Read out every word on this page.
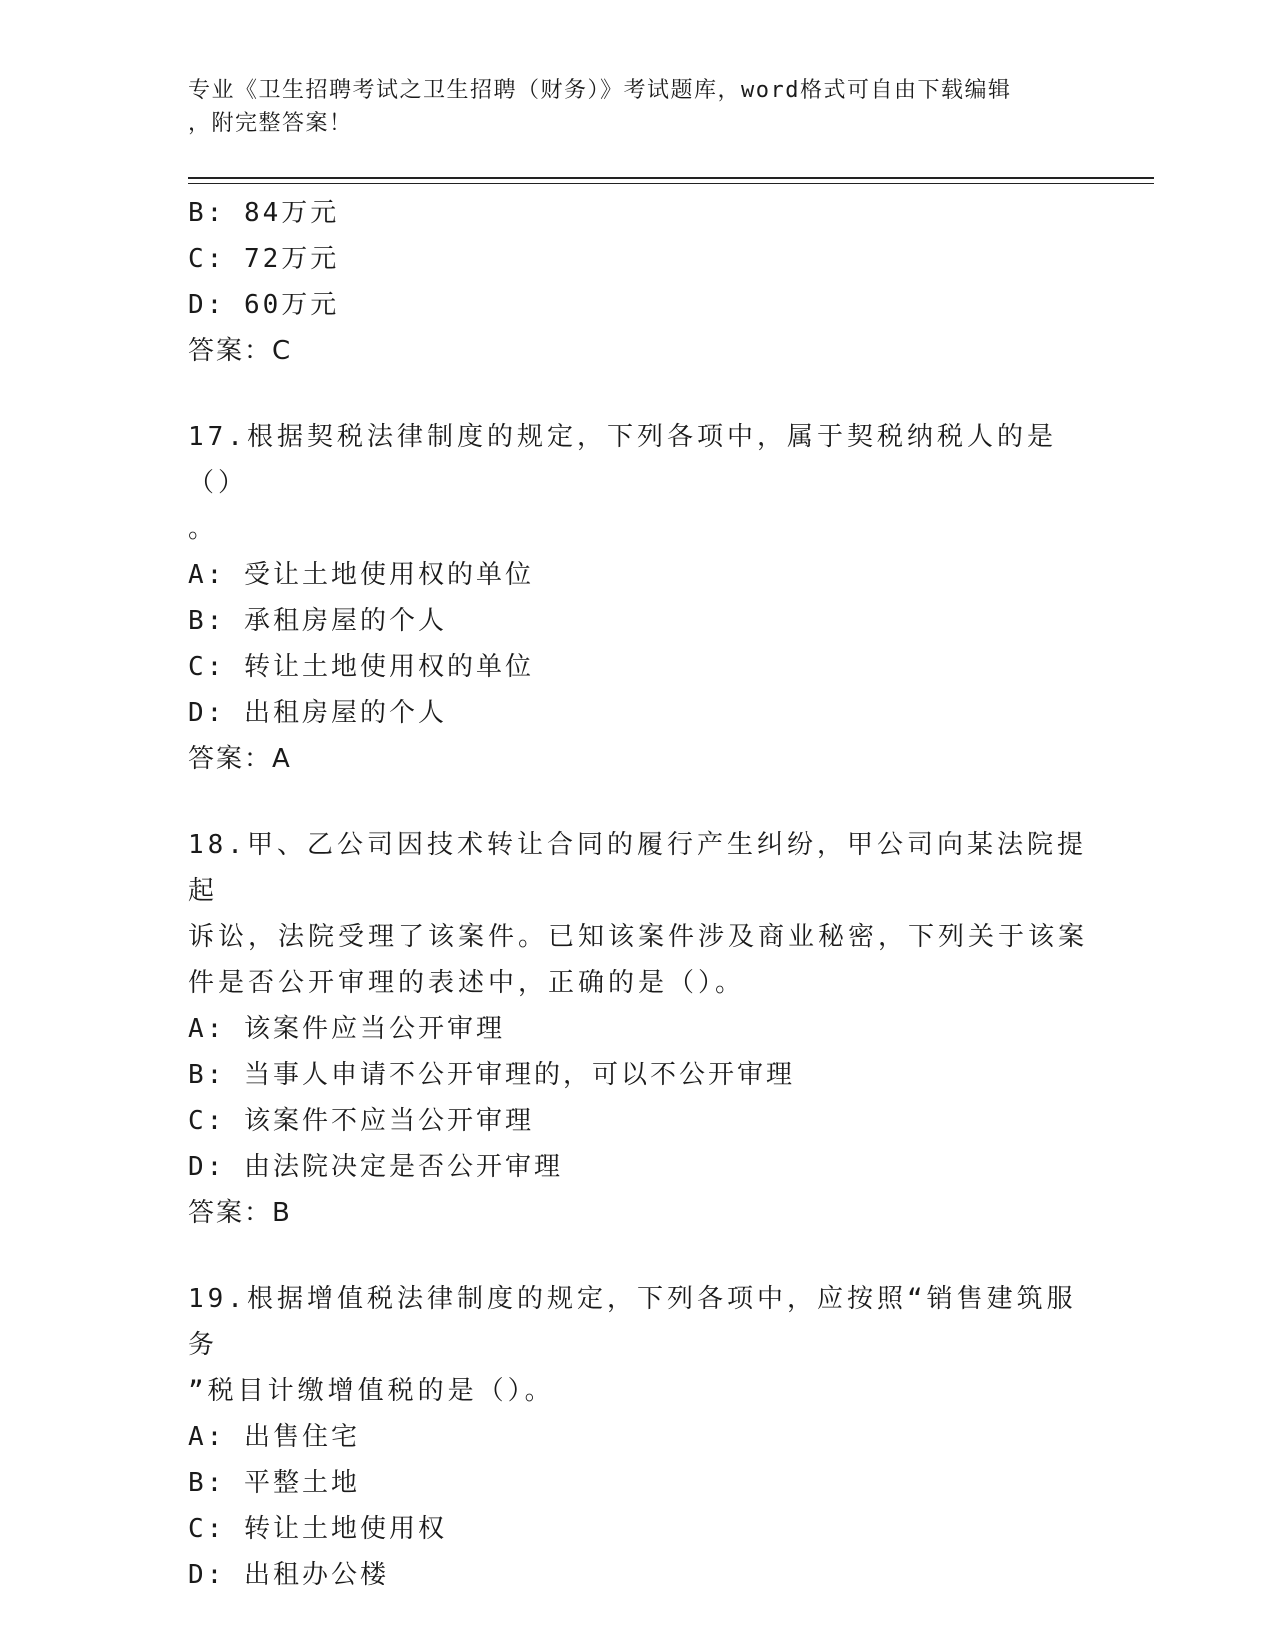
专业《卫生招聘考试之卫生招聘（财务）》考试题库，word格式可自由下载编辑
，附完整答案！
B: 84万元
C: 72万元
D: 60万元
答案：C
17.根据契税法律制度的规定，下列各项中，属于契税纳税人的是（）
。
A: 受让土地使用权的单位
B: 承租房屋的个人
C: 转让土地使用权的单位
D: 出租房屋的个人
答案：A
18.甲、乙公司因技术转让合同的履行产生纠纷，甲公司向某法院提起
诉讼，法院受理了该案件。已知该案件涉及商业秘密，下列关于该案
件是否公开审理的表述中，正确的是（）。
A: 该案件应当公开审理
B: 当事人申请不公开审理的，可以不公开审理
C: 该案件不应当公开审理
D: 由法院决定是否公开审理
答案：B
19.根据增值税法律制度的规定，下列各项中，应按照“销售建筑服务
”税目计缴增值税的是（）。
A: 出售住宅
B: 平整土地
C: 转让土地使用权
D: 出租办公楼
